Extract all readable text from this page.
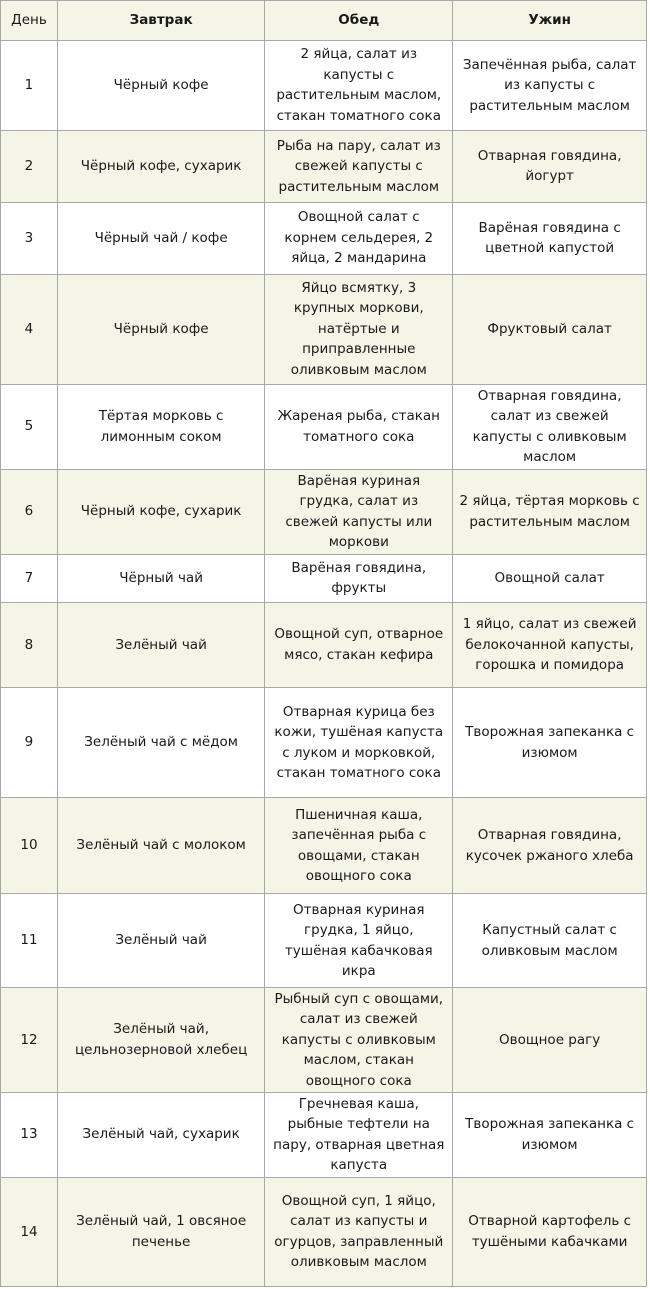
День	Завтрак	Обед	Ужин
1	Чёрный кофе	2 яйца, салат из капусты с растительным маслом, стакан томатного сока	Запечённая рыба, салат из капусты с растительным маслом
2	Чёрный кофе, сухарик	Рыба на пару, салат из свежей капусты с растительным маслом	Отварная говядина, йогурт
3	Чёрный чай / кофе	Овощной салат с корнем сельдерея, 2 яйца, 2 мандарина	Варёная говядина с цветной капустой
4	Чёрный кофе	Яйцо всмятку, 3 крупных моркови, натёртые и приправленные оливковым маслом	Фруктовый салат
5	Тёртая морковь с лимонным соком	Жареная рыба, стакан томатного сока	Отварная говядина, салат из свежей капусты с оливковым маслом
6	Чёрный кофе, сухарик	Варёная куриная грудка, салат из свежей капусты или моркови	2 яйца, тёртая морковь с растительным маслом
7	Чёрный чай	Варёная говядина, фрукты	Овощной салат
8	Зелёный чай	Овощной суп, отварное мясо, стакан кефира	1 яйцо, салат из свежей белокочанной капусты, горошка и помидора
9	Зелёный чай с мёдом	Отварная курица без кожи, тушёная капуста с луком и морковкой, стакан томатного сока	Творожная запеканка с изюмом
10	Зелёный чай с молоком	Пшеничная каша, запечённая рыба с овощами, стакан овощного сока	Отварная говядина, кусочек ржаного хлеба
11	Зелёный чай	Отварная куриная грудка, 1 яйцо, тушёная кабачковая икра	Капустный салат с оливковым маслом
12	Зелёный чай, цельнозерновой хлебец	Рыбный суп с овощами, салат из свежей капусты с оливковым маслом, стакан овощного сока	Овощное рагу
13	Зелёный чай, сухарик	Гречневая каша, рыбные тефтели на пару, отварная цветная капуста	Творожная запеканка с изюмом
14	Зелёный чай, 1 овсяное печенье	Овощной суп, 1 яйцо, салат из капусты и огурцов, заправленный оливковым маслом	Отварной картофель с тушёными кабачками
